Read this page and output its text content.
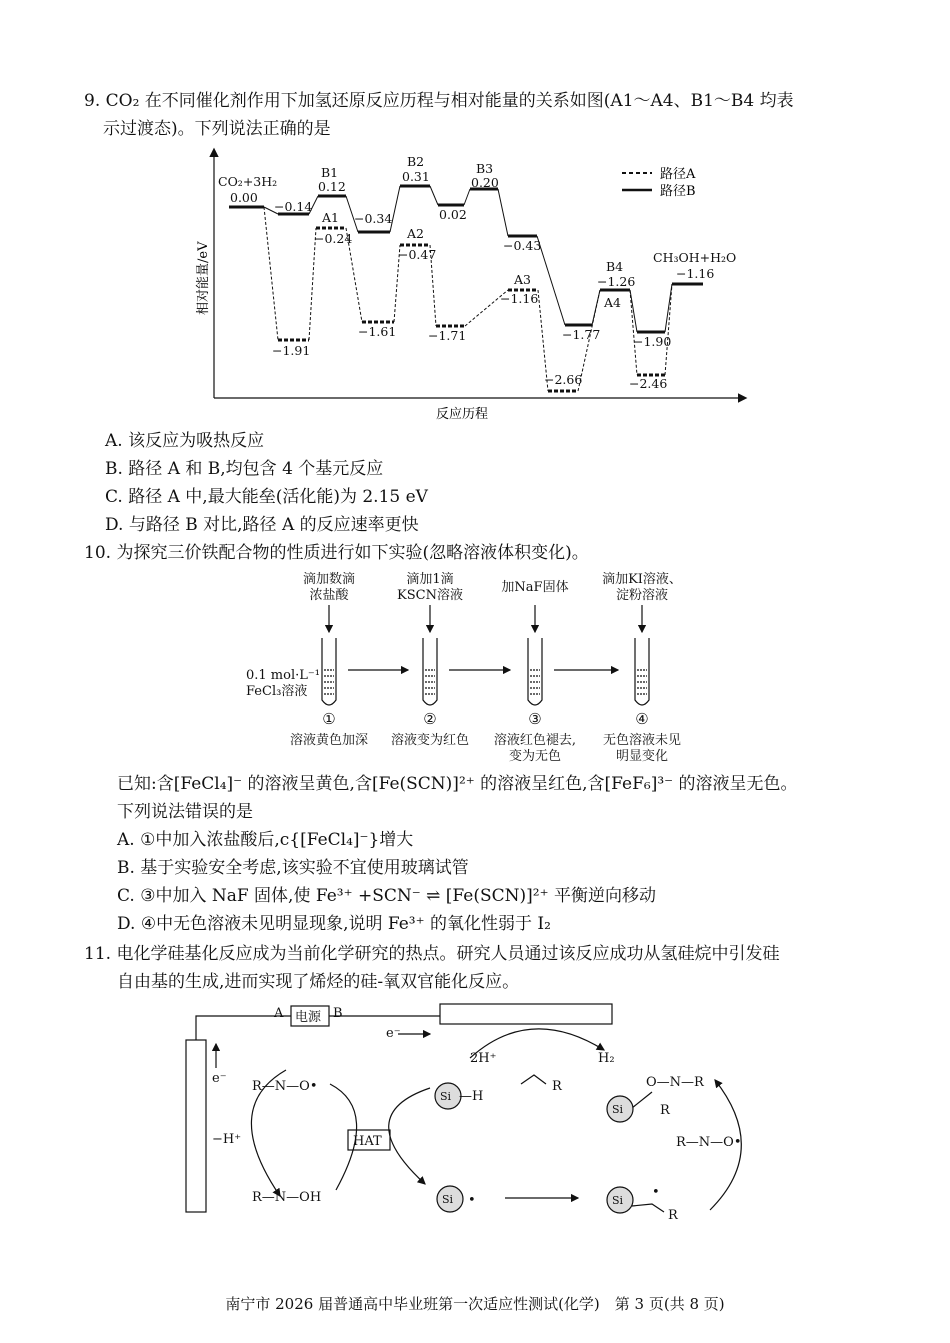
9. CO₂ 在不同催化剂作用下加氢还原反应历程与相对能量的关系如图(A1～A4、B1～B4 均表
示过渡态)。下列说法正确的是
相对能量/eV
反应历程
路径A
路径B
CO₂+3H₂
0.00
B1
0.12
−0.14
A1
−0.24
−0.34
B2
0.31
A2
−0.47
0.02
B3
0.20
−0.43
−1.91
−1.61	−1.71
A3
−1.16
−1.77
B4
−1.26
A4
−2.66
−1.90
−2.46
CH₃OH+H₂O
−1.16
A. 该反应为吸热反应
B. 路径 A 和 B,均包含 4 个基元反应
C. 路径 A 中,最大能垒(活化能)为 2.15 eV
D. 与路径 B 对比,路径 A 的反应速率更快
10. 为探究三价铁配合物的性质进行如下实验(忽略溶液体积变化)。
滴加数滴
浓盐酸
滴加1滴
KSCN溶液
加NaF固体
滴加KI溶液、
淀粉溶液
0.1 mol·L⁻¹
FeCl₃溶液
①	②	③	④
溶液黄色加深	溶液变为红色	溶液红色褪去,
变为无色
无色溶液未见
明显变化
已知:含[FeCl₄]⁻ 的溶液呈黄色,含[Fe(SCN)]²⁺ 的溶液呈红色,含[FeF₆]³⁻ 的溶液呈无色。
下列说法错误的是
A. ①中加入浓盐酸后,c{[FeCl₄]⁻}增大
B. 基于实验安全考虑,该实验不宜使用玻璃试管
C. ③中加入 NaF 固体,使 Fe³⁺ +SCN⁻ ⇌ [Fe(SCN)]²⁺ 平衡逆向移动
D. ④中无色溶液未见明显现象,说明 Fe³⁺ 的氧化性弱于 I₂
11. 电化学硅基化反应成为当前化学研究的热点。研究人员通过该反应成功从氢硅烷中引发硅
自由基的生成,进而实现了烯烃的硅-氧双官能化反应。
A 电源 B
e⁻
e⁻
2H⁺	H₂
R—N—O•
−H⁺	HAT
R—N—OH
Si —H
Si •
R	O—N—R
Si	R
R—N—O•
Si
•
R
南宁市 2026 届普通高中毕业班第一次适应性测试(化学)　第 3 页(共 8 页)
